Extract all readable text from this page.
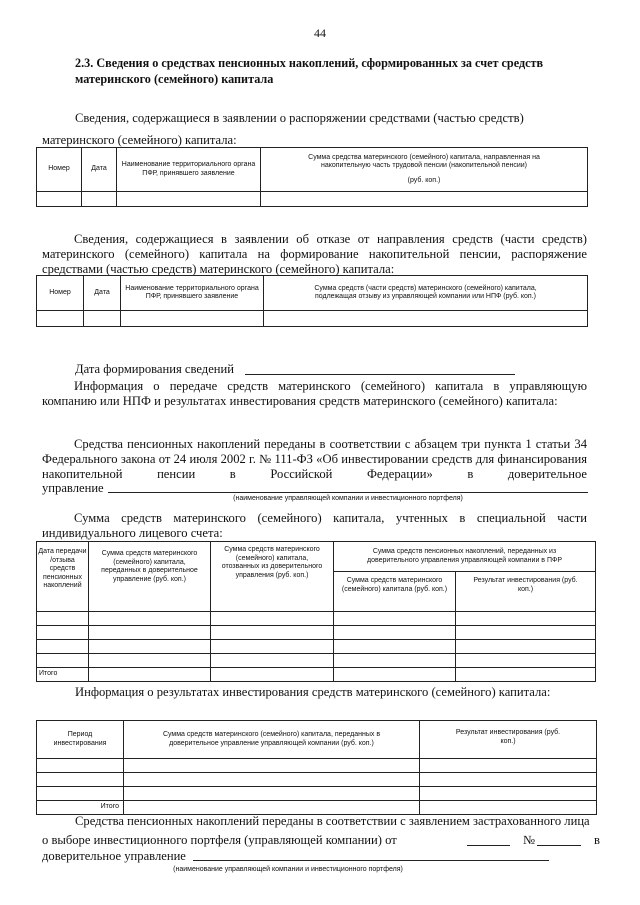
44
2.3. Сведения о средствах пенсионных накоплений, сформированных за счет средств материнского (семейного) капитала
Сведения, содержащиеся в заявлении о распоряжении средствами (частью средств)
материнского (семейного) капитала:
Номер	Дата	Наименование территориального органа ПФР, принявшего заявление	Сумма средства материнского (семейного) капитала, направленная на накопительную часть трудовой пенсии (накопительной пенсии)
(руб. коп.)

Сведения, содержащиеся в заявлении об отказе от направления средств (части средств) материнского (семейного) капитала на формирование накопительной пенсии, распоряжение средствами (частью средств) материнского (семейного) капитала:
Номер	Дата	Наименование территориального органа ПФР, принявшего заявление	Сумма средств (части средств) материнского (семейного) капитала, подлежащая отзыву из управляющей компании или НПФ (руб. коп.)

Дата формирования сведений
Информация о передаче средств материнского (семейного) капитала в управляющую компанию или НПФ и результатах инвестирования средств материнского (семейного) капитала:
Средства пенсионных накоплений переданы в соответствии с абзацем три пункта 1 статьи 34 Федерального закона от 24 июля 2002 г. № 111-ФЗ «Об инвестировании средств для финансирования накопительной пенсии в Российской Федерации» в доверительное
управление
(наименование управляющей компании и инвестиционного портфеля)
Сумма средств материнского (семейного) капитала, учтенных в специальной части индивидуального лицевого счета:
Дата передачи /отзыва средств пенсионных накоплений	Сумма средств материнского (семейного) капитала, переданных в доверительное управление (руб. коп.)	Сумма средств материнского (семейного) капитала, отозванных из доверительного управления (руб. коп.)	Сумма средств пенсионных накоплений, переданных из доверительного управления управляющей компании в ПФР	

			Сумма средств материнского (семейного) капитала (руб. коп.)	Результат инвестирования (руб. коп.)

Итого				
Информация о результатах инвестирования средств материнского (семейного) капитала:
Период инвестирования	Сумма средств материнского (семейного) капитала, переданных в доверительное управление управляющей компании (руб. коп.)	Результат инвестирования (руб. коп.)

Итого		
Средства пенсионных накоплений переданы в соответствии с заявлением застрахованного лица
о выборе инвестиционного портфеля (управляющей компании) от	№	в
доверительное управление
(наименование управляющей компании и инвестиционного портфеля)
